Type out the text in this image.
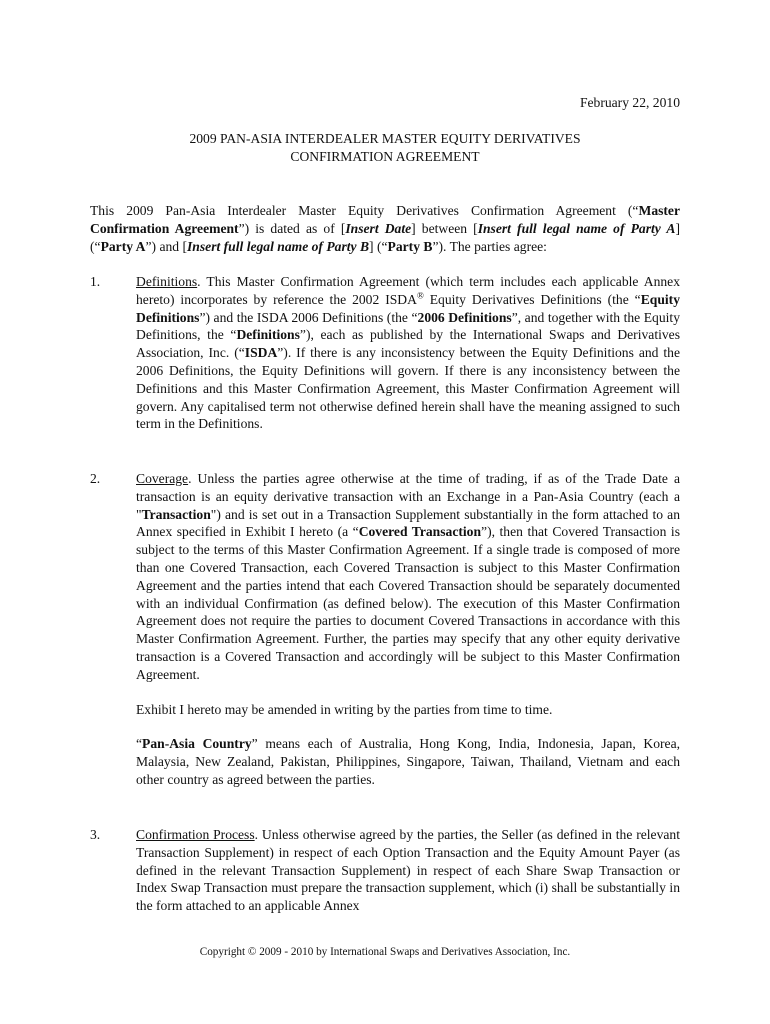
February 22, 2010
2009 PAN-ASIA INTERDEALER MASTER EQUITY DERIVATIVES
CONFIRMATION AGREEMENT
This 2009 Pan-Asia Interdealer Master Equity Derivatives Confirmation Agreement (“Master Confirmation Agreement”) is dated as of [Insert Date] between [Insert full legal name of Party A] (“Party A”) and [Insert full legal name of Party B] (“Party B”). The parties agree:
1.	Definitions. This Master Confirmation Agreement (which term includes each applicable Annex hereto) incorporates by reference the 2002 ISDA® Equity Derivatives Definitions (the “Equity Definitions”) and the ISDA 2006 Definitions (the “2006 Definitions”, and together with the Equity Definitions, the “Definitions”), each as published by the International Swaps and Derivatives Association, Inc. (“ISDA”). If there is any inconsistency between the Equity Definitions and the 2006 Definitions, the Equity Definitions will govern. If there is any inconsistency between the Definitions and this Master Confirmation Agreement, this Master Confirmation Agreement will govern. Any capitalised term not otherwise defined herein shall have the meaning assigned to such term in the Definitions.

2.	Coverage. Unless the parties agree otherwise at the time of trading, if as of the Trade Date a transaction is an equity derivative transaction with an Exchange in a Pan-Asia Country (each a "Transaction") and is set out in a Transaction Supplement substantially in the form attached to an Annex specified in Exhibit I hereto (a “Covered Transaction”), then that Covered Transaction is subject to the terms of this Master Confirmation Agreement. If a single trade is composed of more than one Covered Transaction, each Covered Transaction is subject to this Master Confirmation Agreement and the parties intend that each Covered Transaction should be separately documented with an individual Confirmation (as defined below). The execution of this Master Confirmation Agreement does not require the parties to document Covered Transactions in accordance with this Master Confirmation Agreement. Further, the parties may specify that any other equity derivative transaction is a Covered Transaction and accordingly will be subject to this Master Confirmation Agreement.

Exhibit I hereto may be amended in writing by the parties from time to time.

“Pan-Asia Country” means each of Australia, Hong Kong, India, Indonesia, Japan, Korea, Malaysia, New Zealand, Pakistan, Philippines, Singapore, Taiwan, Thailand, Vietnam and each other country as agreed between the parties.

3.	Confirmation Process. Unless otherwise agreed by the parties, the Seller (as defined in the relevant Transaction Supplement) in respect of each Option Transaction and the Equity Amount Payer (as defined in the relevant Transaction Supplement) in respect of each Share Swap Transaction or Index Swap Transaction must prepare the transaction supplement, which (i) shall be substantially in the form attached to an applicable Annex

Copyright © 2009 - 2010 by International Swaps and Derivatives Association, Inc.
